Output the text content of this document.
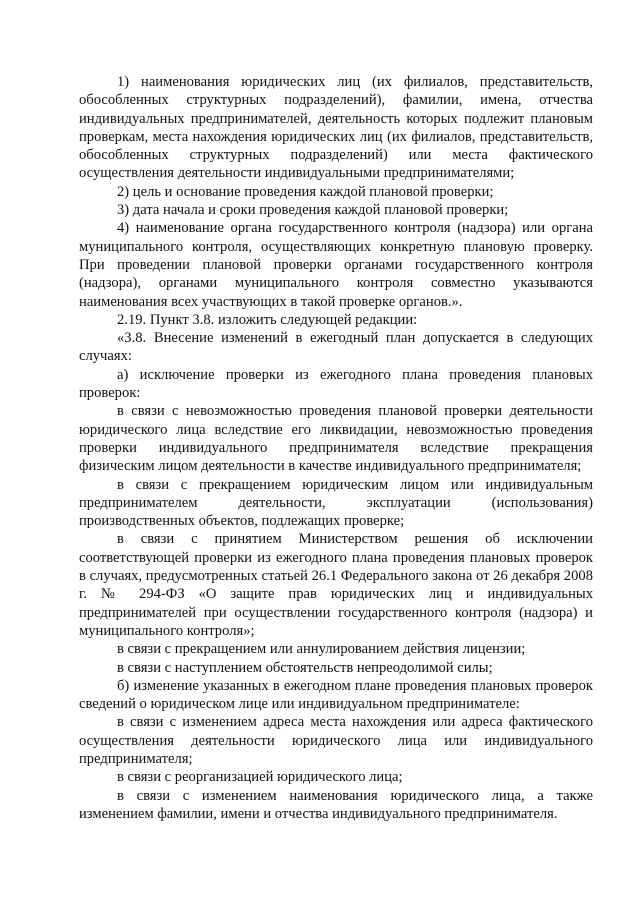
1) наименования юридических лиц (их филиалов, представительств, обособленных структурных подразделений), фамилии, имена, отчества индивидуальных предпринимателей, деятельность которых подлежит плановым проверкам, места нахождения юридических лиц (их филиалов, представительств, обособленных структурных подразделений) или места фактического осуществления деятельности индивидуальными предпринимателями;

2) цель и основание проведения каждой плановой проверки;

3) дата начала и сроки проведения каждой плановой проверки;

4) наименование органа государственного контроля (надзора) или органа муниципального контроля, осуществляющих конкретную плановую проверку. При проведении плановой проверки органами государственного контроля (надзора), органами муниципального контроля совместно указываются наименования всех участвующих в такой проверке органов.».

2.19. Пункт 3.8. изложить следующей редакции:

«3.8. Внесение изменений в ежегодный план допускается в следующих случаях:

а) исключение проверки из ежегодного плана проведения плановых проверок:

в связи с невозможностью проведения плановой проверки деятельности юридического лица вследствие его ликвидации, невозможностью проведения проверки индивидуального предпринимателя вследствие прекращения физическим лицом деятельности в качестве индивидуального предпринимателя;

в связи с прекращением юридическим лицом или индивидуальным предпринимателем деятельности, эксплуатации (использования) производственных объектов, подлежащих проверке;

в связи с принятием Министерством решения об исключении соответствующей проверки из ежегодного плана проведения плановых проверок в случаях, предусмотренных статьей 26.1 Федерального закона от 26 декабря 2008 г. № 294-ФЗ «О защите прав юридических лиц и индивидуальных предпринимателей при осуществлении государственного контроля (надзора) и муниципального контроля»;

в связи с прекращением или аннулированием действия лицензии;

в связи с наступлением обстоятельств непреодолимой силы;

б) изменение указанных в ежегодном плане проведения плановых проверок сведений о юридическом лице или индивидуальном предпринимателе:

в связи с изменением адреса места нахождения или адреса фактического осуществления деятельности юридического лица или индивидуального предпринимателя;

в связи с реорганизацией юридического лица;

в связи с изменением наименования юридического лица, а также изменением фамилии, имени и отчества индивидуального предпринимателя.
